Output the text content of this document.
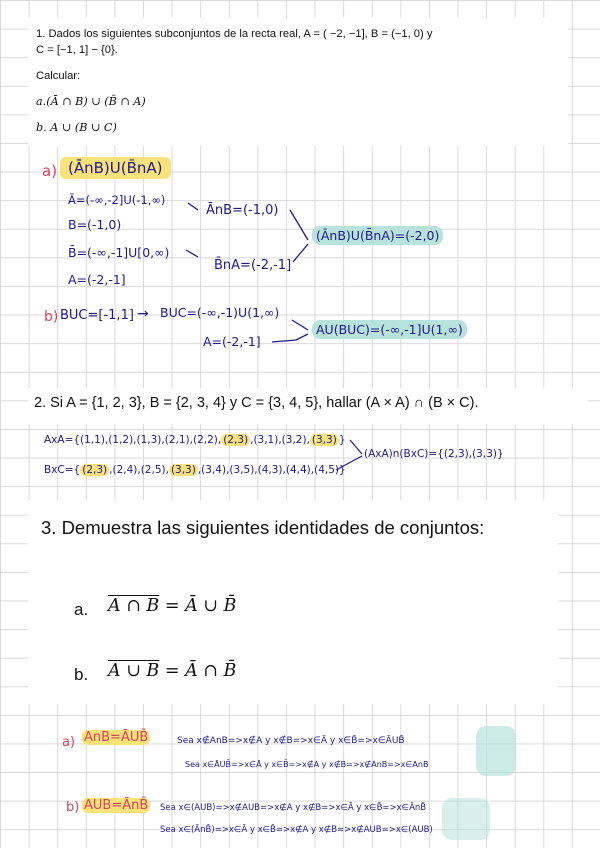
1. Dados los siguientes subconjuntos de la recta real, A = ( −2, −1], B = (−1, 0) y
C = [−1, 1] − {0}.
Calcular:
a.(Ā ∩ B) ∪ (B̄ ∩ A)
b. A ∪ (B ∪ C)
a) (ĀnB)U(B̄nA)
Ā=(-∞,-2]U(-1,∞)
B=(-1,0)
B̄=(-∞,-1]U[0,∞)
A=(-2,-1]
ĀnB=(-1,0)
B̄nA=(-2,-1]
(ĀnB)U(B̄nA)=(-2,0)
b) BUC=[-1,1] → BUC=(-∞,-1)U(1,∞)
A=(-2,-1]
AU(BUC)=(-∞,-1]U(1,∞)
2. Si A = {1, 2, 3}, B = {2, 3, 4} y C = {3, 4, 5}, hallar (A × A) ∩ (B × C).
AxA={(1,1),(1,2),(1,3),(2,1),(2,2), (2,3) ,(3,1),(3,2), (3,3) }
BxC={ (2,3) ,(2,4),(2,5), (3,3) ,(3,4),(3,5),(4,3),(4,4),(4,5)}
(AxA)n(BxC)={(2,3),(3,3)}
3. Demuestra las siguientes identidades de conjuntos:
a. A ∩ B = Ā ∪ B̄
b. A ∪ B = Ā ∩ B̄
a) AnB=ĀUB̄	Sea x∉AnB=>x∉A y x∉B=>x∈Ā y x∈B̄=>x∈ĀUB̄
Sea x∈ĀUB̄=>x∈Ā y x∈B̄=>x∉A y x∉B=>x∉AnB=>x∈AnB
b) AUB=ĀnB̄ Sea x∈(AUB)=>x∉AUB=>x∉A y x∉B=>x∈Ā y x∈B̄=>x∈ĀnB̄
Sea x∈(ĀnB̄)=>x∈Ā y x∈B̄=>x∉A y x∉B=>x∉AUB=>x∈(AUB)
